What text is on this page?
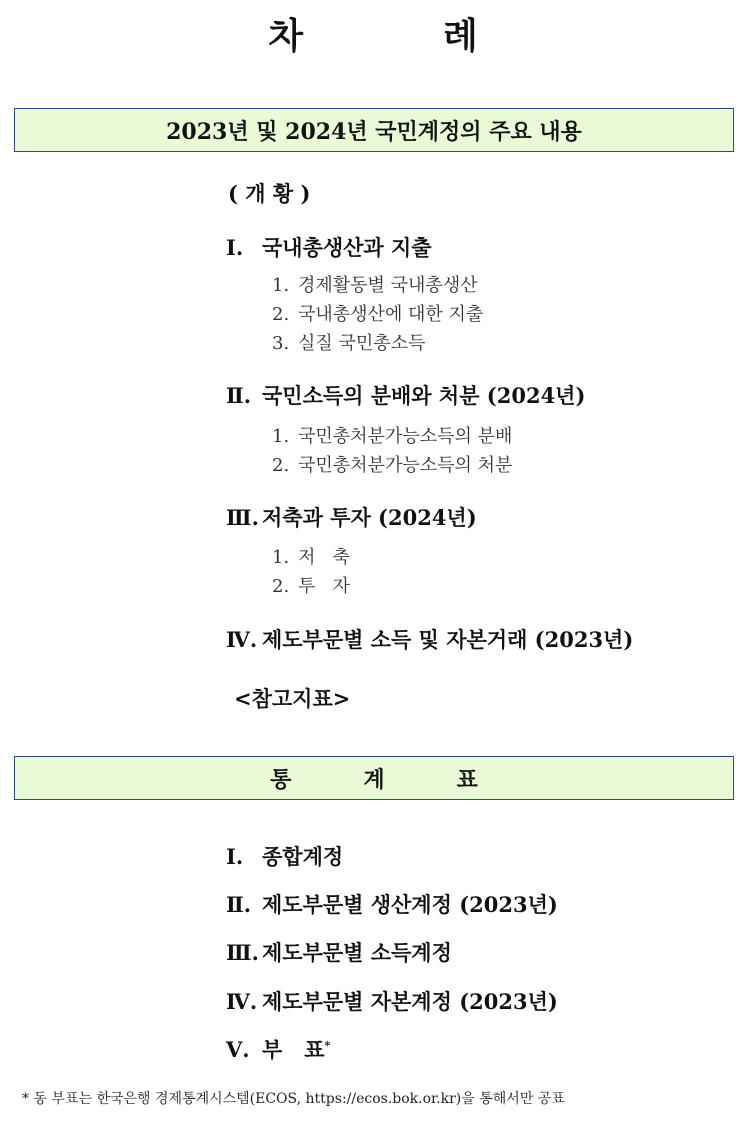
차	례
2023년 및 2024년 국민계정의 주요 내용
( 개 황 )
Ⅰ. 국내총생산과 지출
1. 경제활동별 국내총생산
2. 국내총생산에 대한 지출
3. 실질 국민총소득
Ⅱ. 국민소득의 분배와 처분 (2024년)
1. 국민총처분가능소득의 분배
2. 국민총처분가능소득의 처분
Ⅲ. 저축과 투자 (2024년)
1. 저   축
2. 투   자
Ⅳ. 제도부문별 소득 및 자본거래 (2023년)
<참고지표>
통	계	표
Ⅰ. 종합계정
Ⅱ. 제도부문별 생산계정 (2023년)
Ⅲ. 제도부문별 소득계정
Ⅳ. 제도부문별 자본계정 (2023년)
Ⅴ. 부   표*
* 동 부표는 한국은행 경제통계시스템(ECOS, https://ecos.bok.or.kr)을 통해서만 공표
